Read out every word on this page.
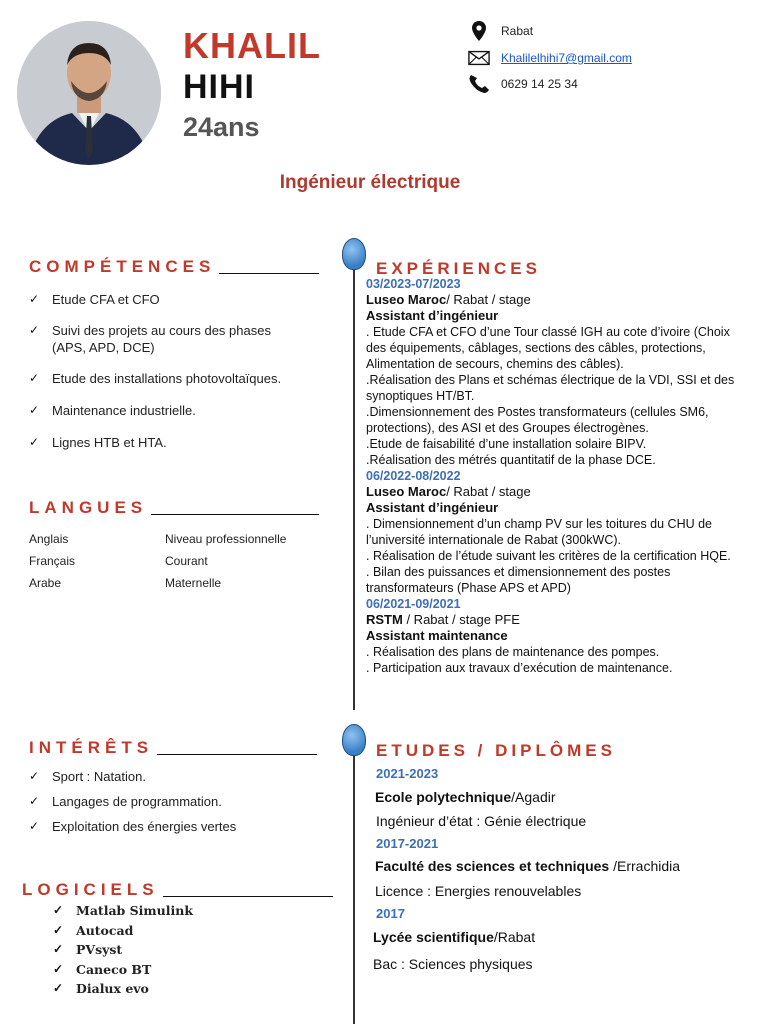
KHALIL
HIHI
24ans
Rabat
Khalilelhihi7@gmail.com
0629 14 25 34
Ingénieur électrique
COMPÉTENCES
✓ Etude CFA et CFO
✓ Suivi des projets au cours des phases (APS, APD, DCE)
✓ Etude des installations photovoltaïques.
✓ Maintenance industrielle.
✓ Lignes HTB et HTA.
LANGUES
Anglais	Niveau professionnelle
Français	Courant
Arabe	Maternelle
INTÉRÊTS
✓ Sport : Natation.
✓ Langages de programmation.
✓ Exploitation des énergies vertes
LOGICIELS
✓ Matlab Simulink
✓ Autocad
✓ PVsyst
✓ Caneco BT
✓ Dialux evo
EXPÉRIENCES
03/2023-07/2023
Luseo Maroc/ Rabat / stage
Assistant d’ingénieur
. Etude CFA et CFO d’une Tour classé IGH au cote d’ivoire (Choix des équipements, câblages, sections des câbles, protections, Alimentation de secours, chemins des câbles).
.Réalisation des Plans et schémas électrique de la VDI, SSI et des synoptiques HT/BT.
.Dimensionnement des Postes transformateurs (cellules SM6, protections), des ASI et des Groupes électrogènes.
.Etude de faisabilité d’une installation solaire BIPV.
.Réalisation des métrés quantitatif de la phase DCE.
06/2022-08/2022
Luseo Maroc/ Rabat / stage
Assistant d’ingénieur
. Dimensionnement d’un champ PV sur les toitures du CHU de l’université internationale de Rabat (300kWC).
. Réalisation de l’étude suivant les critères de la certification HQE.
. Bilan des puissances et dimensionnement des postes transformateurs (Phase APS et APD)
06/2021-09/2021
RSTM / Rabat / stage PFE
Assistant maintenance
. Réalisation des plans de maintenance des pompes.
. Participation aux travaux d’exécution de maintenance.
ETUDES / DIPLÔMES
2021-2023
Ecole polytechnique/Agadir
Ingénieur d’état : Génie électrique
2017-2021
Faculté des sciences et techniques /Errachidia
Licence : Energies renouvelables
2017
Lycée scientifique/Rabat
Bac : Sciences physiques
